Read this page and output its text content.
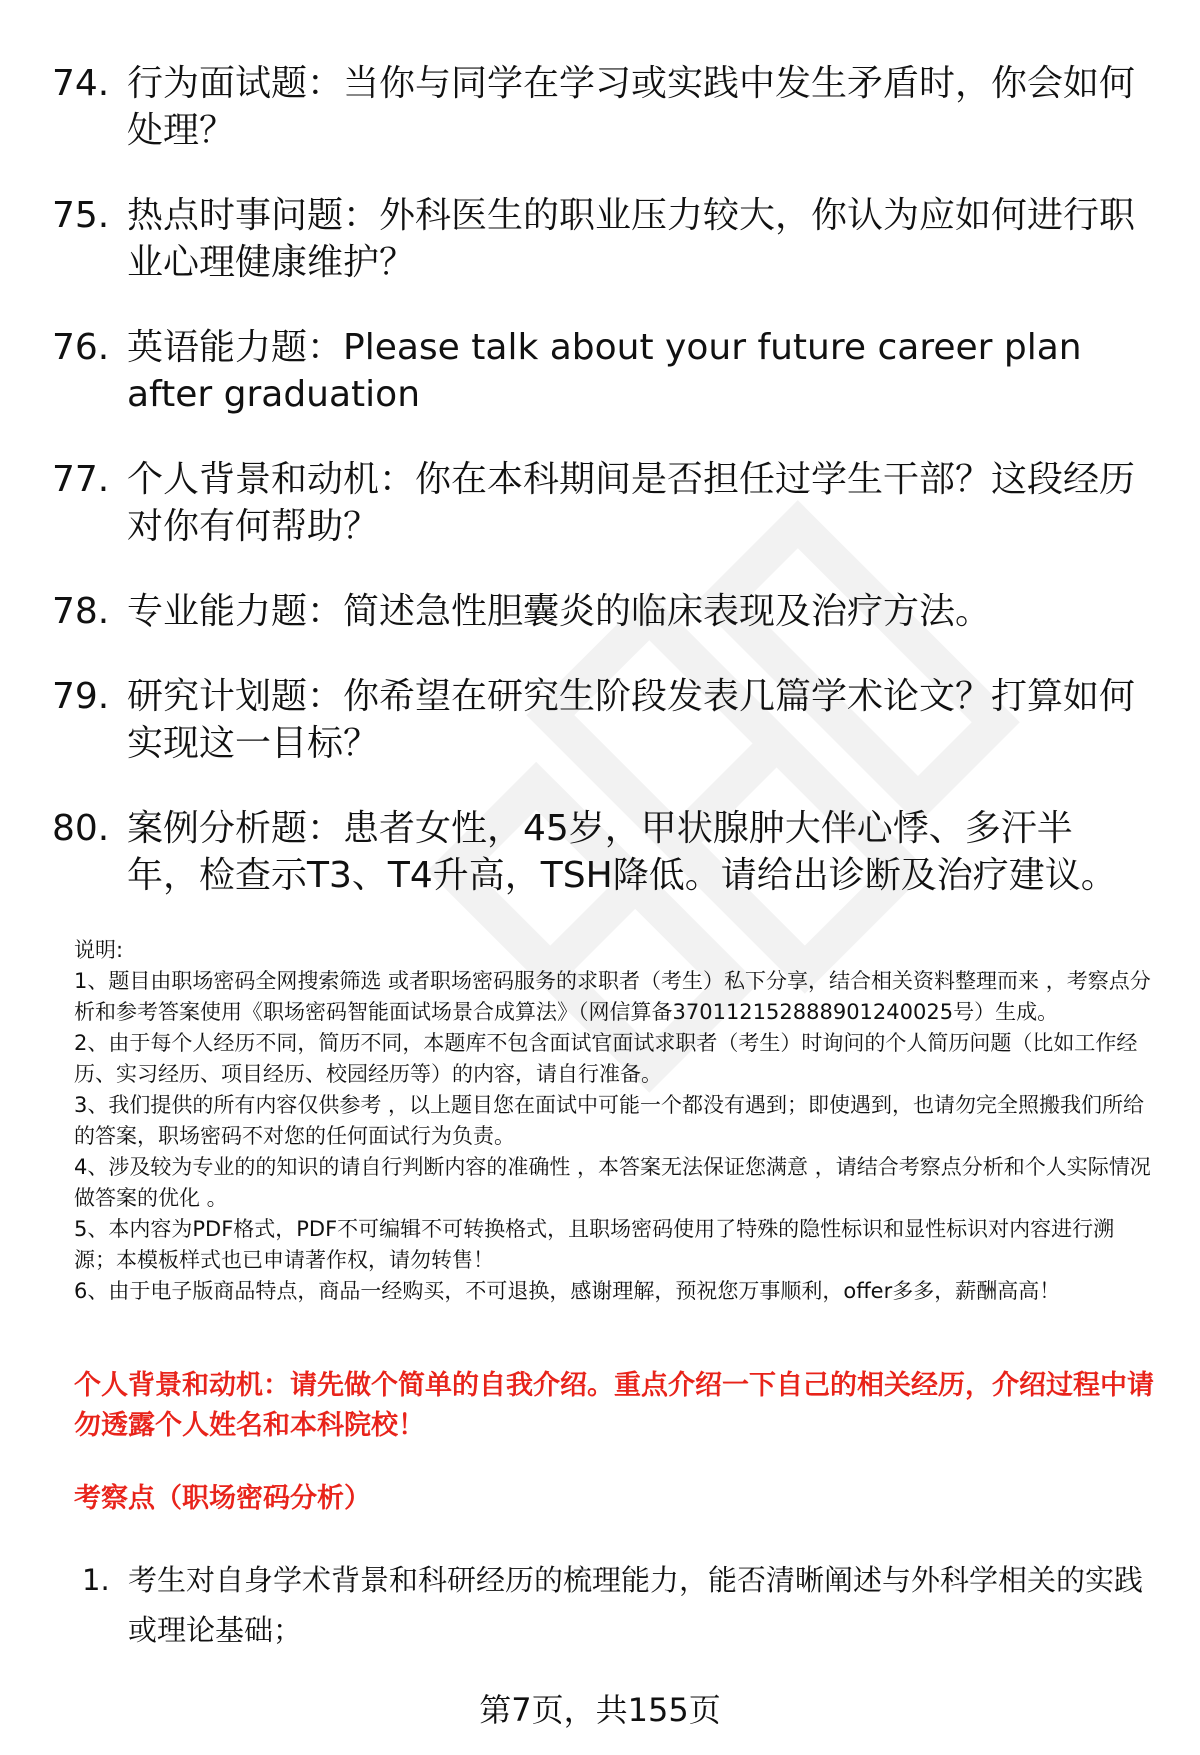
74. 行为面试题：当你与同学在学习或实践中发生矛盾时，你会如何处理？
75. 热点时事问题：外科医生的职业压力较大，你认为应如何进行职业心理健康维护？
76. 英语能力题：Please talk about your future career plan after graduation
77. 个人背景和动机：你在本科期间是否担任过学生干部？这段经历对你有何帮助？
78. 专业能力题：简述急性胆囊炎的临床表现及治疗方法。
79. 研究计划题：你希望在研究生阶段发表几篇学术论文？打算如何实现这一目标？
80. 案例分析题：患者女性，45岁，甲状腺肿大伴心悸、多汗半年，检查示T3、T4升高，TSH降低。请给出诊断及治疗建议。

说明:

1、题目由职场密码全网搜索筛选 或者职场密码服务的求职者（考生）私下分享，结合相关资料整理而来 ，考察点分析和参考答案使用《职场密码智能面试场景合成算法》（网信算备370112152888901240025号）生成。

2、由于每个人经历不同，简历不同，本题库不包含面试官面试求职者（考生）时询问的个人简历问题（比如工作经历、实习经历、项目经历、校园经历等）的内容，请自行准备。

3、我们提供的所有内容仅供参考 ，以上题目您在面试中可能一个都没有遇到；即使遇到，也请勿完全照搬我们所给的答案，职场密码不对您的任何面试行为负责。

4、涉及较为专业的的知识的请自行判断内容的准确性 ，本答案无法保证您满意 ，请结合考察点分析和个人实际情况做答案的优化 。

5、本内容为PDF格式，PDF不可编辑不可转换格式，且职场密码使用了特殊的隐性标识和显性标识对内容进行溯源；本模板样式也已申请著作权，请勿转售！

6、由于电子版商品特点，商品一经购买，不可退换，感谢理解，预祝您万事顺利，offer多多，薪酬高高！

个人背景和动机：请先做个简单的自我介绍。重点介绍一下自己的相关经历，介绍过程中请勿透露个人姓名和本科院校！

考察点（职场密码分析）

1. 考生对自身学术背景和科研经历的梳理能力，能否清晰阐述与外科学相关的实践或理论基础；
第7页，共155页
